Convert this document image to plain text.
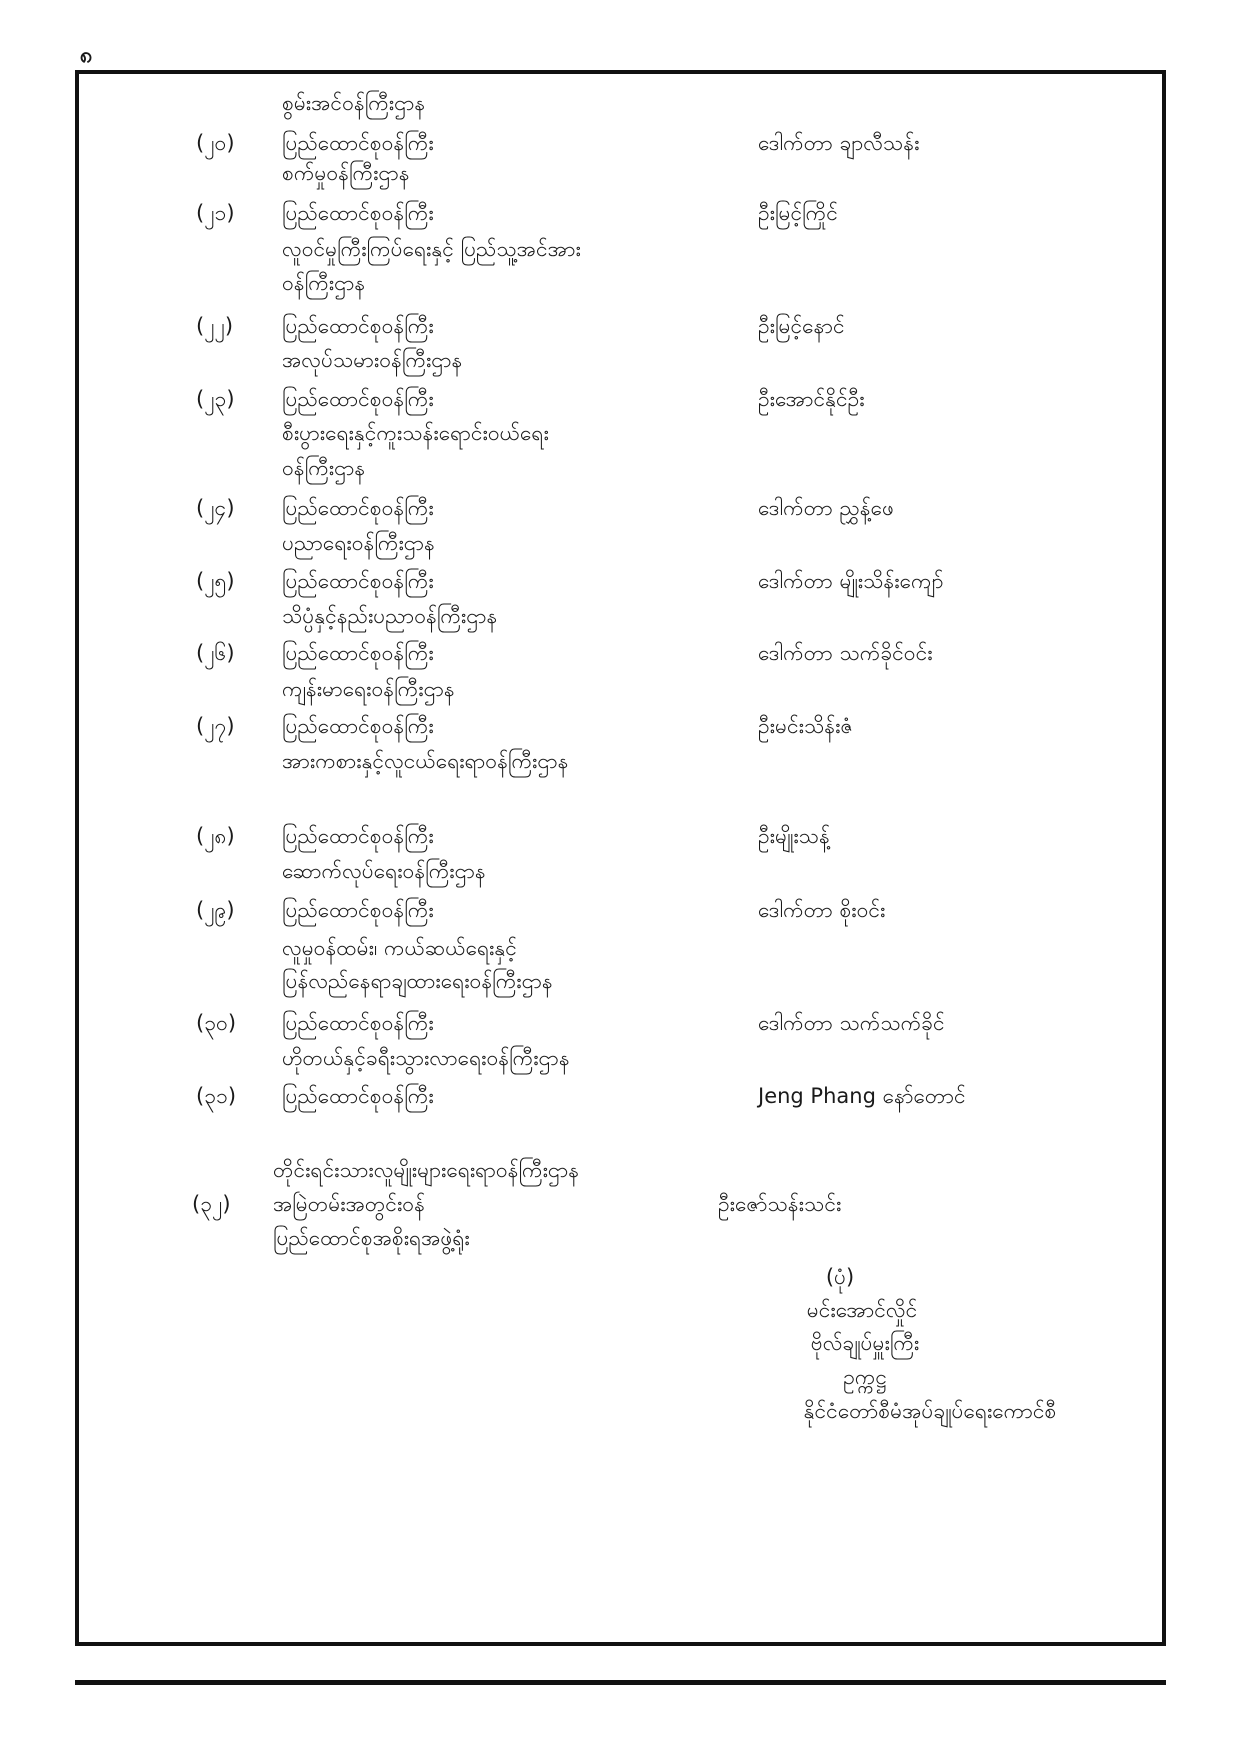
၈
စွမ်းအင်ဝန်ကြီးဌာန
(၂၀) ပြည်ထောင်စုဝန်ကြီး	ဒေါက်တာ ချာလီသန်း
စက်မှုဝန်ကြီးဌာန
(၂၁) ပြည်ထောင်စုဝန်ကြီး	ဦးမြင့်ကြိုင်
လူဝင်မှုကြီးကြပ်ရေးနှင့် ပြည်သူ့အင်အား
ဝန်ကြီးဌာန
(၂၂) ပြည်ထောင်စုဝန်ကြီး	ဦးမြင့်နောင်
အလုပ်သမားဝန်ကြီးဌာန
(၂၃) ပြည်ထောင်စုဝန်ကြီး	ဦးအောင်နိုင်ဦး
စီးပွားရေးနှင့်ကူးသန်းရောင်းဝယ်ရေး
ဝန်ကြီးဌာန
(၂၄) ပြည်ထောင်စုဝန်ကြီး	ဒေါက်တာ ညွှန့်ဖေ
ပညာရေးဝန်ကြီးဌာန
(၂၅) ပြည်ထောင်စုဝန်ကြီး	ဒေါက်တာ မျိုးသိန်းကျော်
သိပ္ပံနှင့်နည်းပညာဝန်ကြီးဌာန
(၂၆) ပြည်ထောင်စုဝန်ကြီး	ဒေါက်တာ သက်ခိုင်ဝင်း
ကျန်းမာရေးဝန်ကြီးဌာန
(၂၇) ပြည်ထောင်စုဝန်ကြီး	ဦးမင်းသိန်းဇံ
အားကစားနှင့်လူငယ်ရေးရာဝန်ကြီးဌာန
(၂၈) ပြည်ထောင်စုဝန်ကြီး	ဦးမျိုးသန့်
ဆောက်လုပ်ရေးဝန်ကြီးဌာန
(၂၉) ပြည်ထောင်စုဝန်ကြီး	ဒေါက်တာ စိုးဝင်း
လူမှုဝန်ထမ်း၊ ကယ်ဆယ်ရေးနှင့်
ပြန်လည်နေရာချထားရေးဝန်ကြီးဌာန
(၃၀) ပြည်ထောင်စုဝန်ကြီး	ဒေါက်တာ သက်သက်ခိုင်
ဟိုတယ်နှင့်ခရီးသွားလာရေးဝန်ကြီးဌာန
(၃၁) ပြည်ထောင်စုဝန်ကြီး	Jeng Phang နော်တောင်
တိုင်းရင်းသားလူမျိုးများရေးရာဝန်ကြီးဌာန
(၃၂) အမြဲတမ်းအတွင်းဝန်	ဦးဇော်သန်းသင်း
ပြည်ထောင်စုအစိုးရအဖွဲ့ရုံး
(ပုံ)
မင်းအောင်လှိုင်
ဗိုလ်ချုပ်မှူးကြီး
ဥက္ကဋ္ဌ
နိုင်ငံတော်စီမံအုပ်ချုပ်ရေးကောင်စီ
